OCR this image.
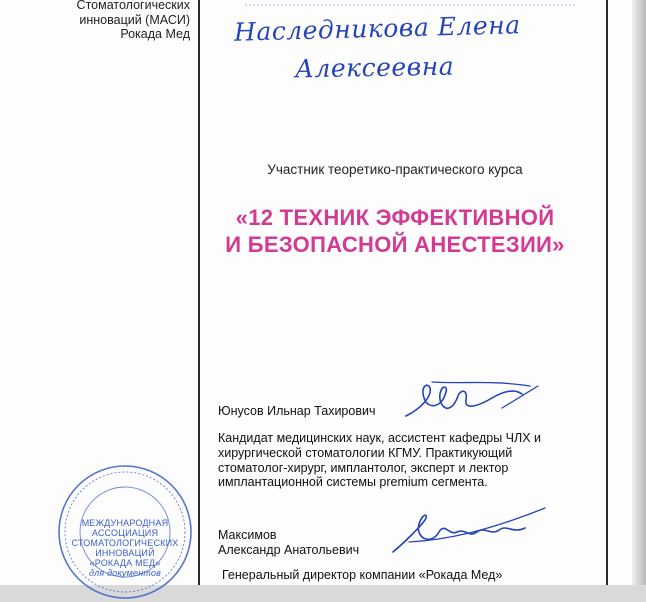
Стоматологических
инноваций (МАСИ)
Рокада Мед Наследникова Елена
Алексеевна
Участник теоретико-практического курса
«12 ТЕХНИК ЭФФЕКТИВНОЙ
И БЕЗОПАСНОЙ АНЕСТЕЗИИ»
Юнусов Ильнар Тахирович
Кандидат медицинских наук, ассистент кафедры ЧЛХ и
хирургической стоматологии КГМУ. Практикующий
стоматолог-хирург, имплантолог, эксперт и лектор
имплантационной системы premium сегмента.
МЕЖДУНАРОДНАЯ
АССОЦИАЦИЯ
СТОМАТОЛОГИЧЕСКИХ
ИННОВАЦИЙ
«РОКАДА МЕД»
для документов
Максимов
Александр Анатольевич
Генеральный директор компании «Рокада Мед»
